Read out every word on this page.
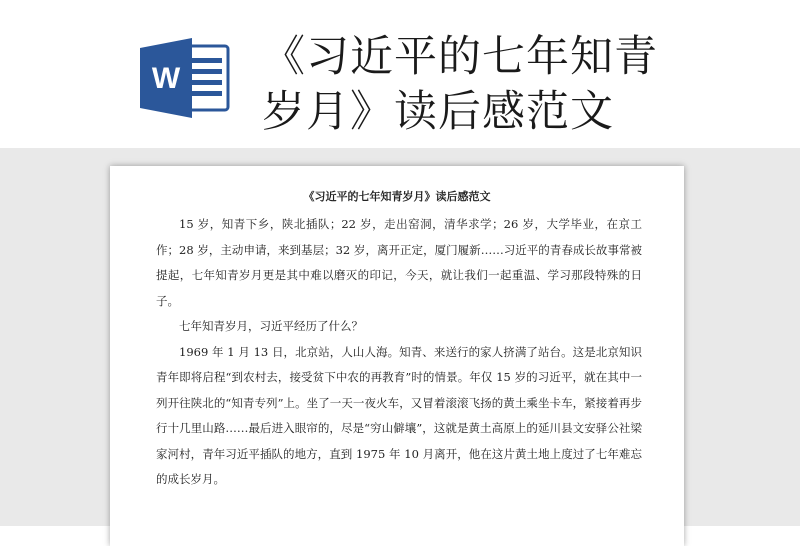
W 《习近平的七年知青
岁月》读后感范文
《习近平的七年知青岁月》读后感范文

15 岁，知青下乡，陕北插队；22 岁，走出窑洞，清华求学；26 岁，大学毕业，在京工作；28 岁，主动申请，来到基层；32 岁，离开正定，厦门履新……习近平的青春成长故事常被提起，七年知青岁月更是其中难以磨灭的印记，今天，就让我们一起重温、学习那段特殊的日子。

七年知青岁月，习近平经历了什么？

1969 年 1 月 13 日，北京站，人山人海。知青、来送行的家人挤满了站台。这是北京知识青年即将启程“到农村去，接受贫下中农的再教育”时的情景。年仅 15 岁的习近平，就在其中一列开往陕北的“知青专列”上。坐了一天一夜火车，又冒着滚滚飞扬的黄土乘坐卡车，紧接着再步行十几里山路……最后进入眼帘的，尽是“穷山僻壤”，这就是黄土高原上的延川县文安驿公社梁家河村，青年习近平插队的地方，直到 1975 年 10 月离开，他在这片黄土地上度过了七年难忘的成长岁月。
